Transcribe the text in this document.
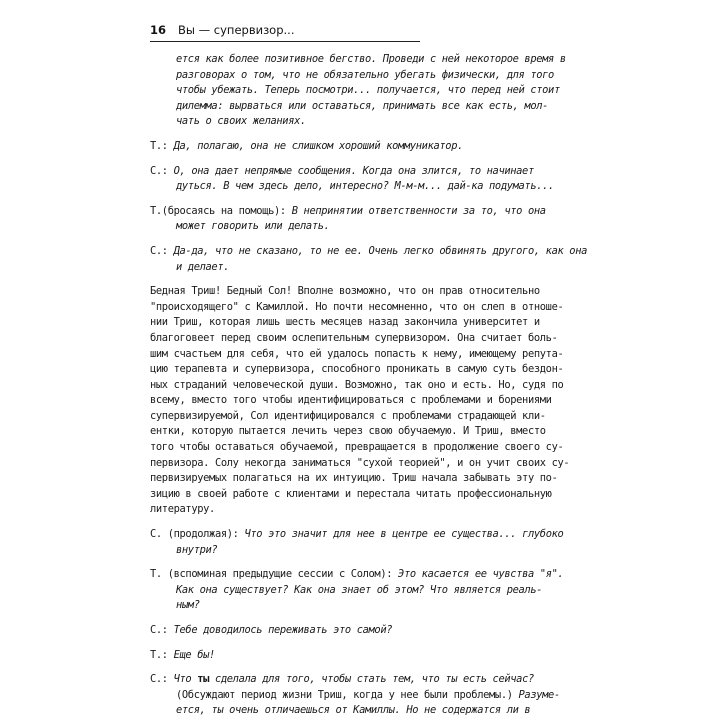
16 Вы — супервизор...
ется как более позитивное бегство. Проведи с ней некоторое время в
разговорах о том, что не обязательно убегать физически, для того
чтобы убежать. Теперь посмотри... получается, что перед ней стоит
дилемма: вырваться или оставаться, принимать все как есть, мол-
чать о своих желаниях.
Т.: Да, полагаю, она не слишком хороший коммуникатор.
С.: О, она дает непрямые сообщения. Когда она злится, то начинает
дуться. В чем здесь дело, интересно? М-м-м... дай-ка подумать...
Т.(бросаясь на помощь): В непринятии ответственности за то, что она
может говорить или делать.
С.: Да-да, что не сказано, то не ее. Очень легко обвинять другого, как она
и делает.
Бедная Триш! Бедный Сол! Вполне возможно, что он прав относительно
"происходящего" с Камиллой. Но почти несомненно, что он слеп в отноше-
нии Триш, которая лишь шесть месяцев назад закончила университет и
благоговеет перед своим ослепительным супервизором. Она считает боль-
шим счастьем для себя, что ей удалось попасть к нему, имеющему репута-
цию терапевта и супервизора, способного проникать в самую суть бездон-
ных страданий человеческой души. Возможно, так оно и есть. Но, судя по
всему, вместо того чтобы идентифицироваться с проблемами и борениями
супервизируемой, Сол идентифицировался с проблемами страдающей кли-
ентки, которую пытается лечить через свою обучаемую. И Триш, вместо
того чтобы оставаться обучаемой, превращается в продолжение своего су-
первизора. Солу некогда заниматься "сухой теорией", и он учит своих су-
первизируемых полагаться на их интуицию. Триш начала забывать эту по-
зицию в своей работе с клиентами и перестала читать профессиональную
литературу.
С. (продолжая): Что это значит для нее в центре ее существа... глубоко
внутри?
Т. (вспоминая предыдущие сессии с Солом): Это касается ее чувства "я".
Как она существует? Как она знает об этом? Что является реаль-
ным?
С.: Тебе доводилось переживать это самой?
Т.: Еще бы!
С.: Что ты сделала для того, чтобы стать тем, что ты есть сейчас?
(Обсуждают период жизни Триш, когда у нее были проблемы.) Разуме-
ется, ты очень отличаешься от Камиллы. Но не содержатся ли в
